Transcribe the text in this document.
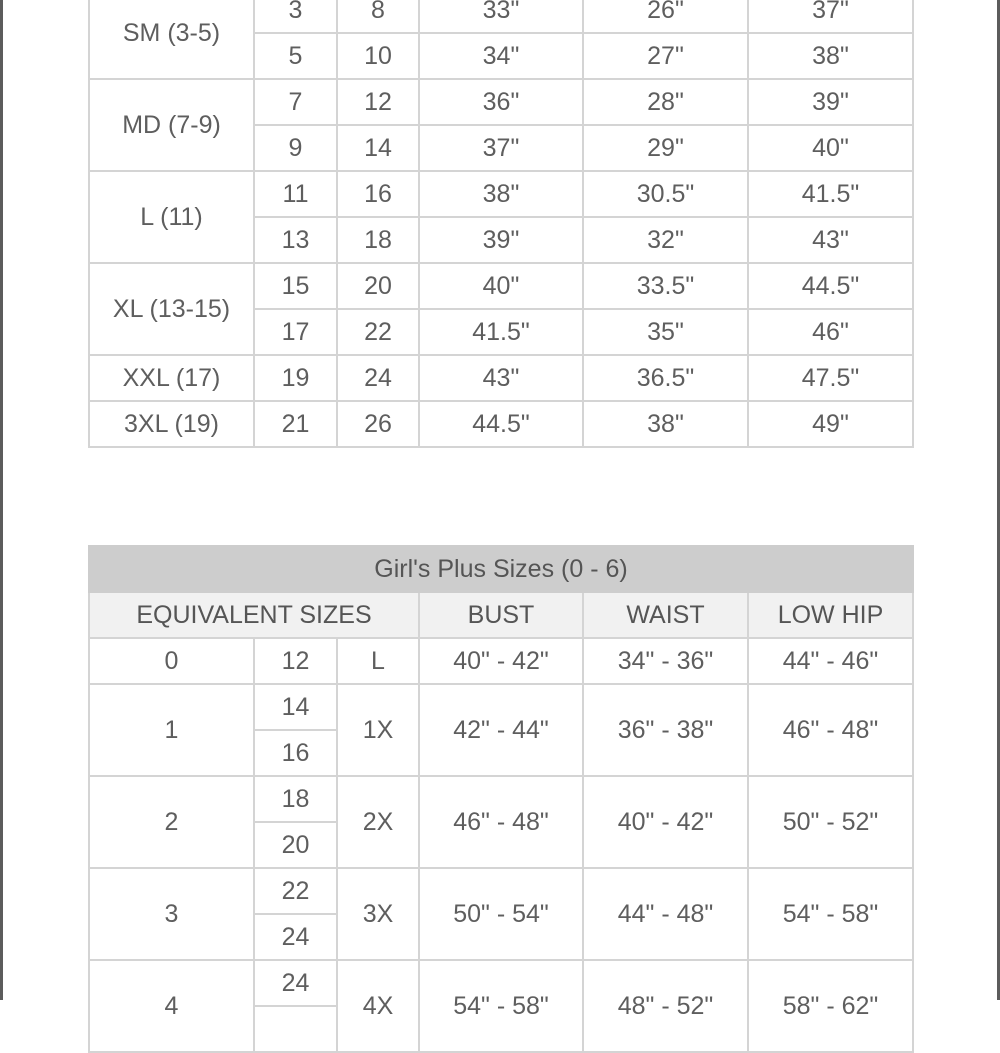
SM (3-5)	3	8	33"	26"	37"
	5	10	34"	27"	38"
MD (7-9)	7	12	36"	28"	39"
	9	14	37"	29"	40"
L (11)	11	16	38"	30.5"	41.5"
	13	18	39"	32"	43"
XL (13-15)	15	20	40"	33.5"	44.5"
	17	22	41.5"	35"	46"
XXL (17)	19	24	43"	36.5"	47.5"
3XL (19)	21	26	44.5"	38"	49"
Girl's Plus Sizes (0 - 6)					
EQUIVALENT SIZES			BUST	WAIST	LOW HIP
0	12	L	40" - 42"	34" - 36"	44" - 46"
1	14	1X	42" - 44"	36" - 38"	46" - 48"
	16				
2	18	2X	46" - 48"	40" - 42"	50" - 52"
	20				
3	22	3X	50" - 54"	44" - 48"	54" - 58"
	24				
4	24	4X	54" - 58"	48" - 52"	58" - 62"
